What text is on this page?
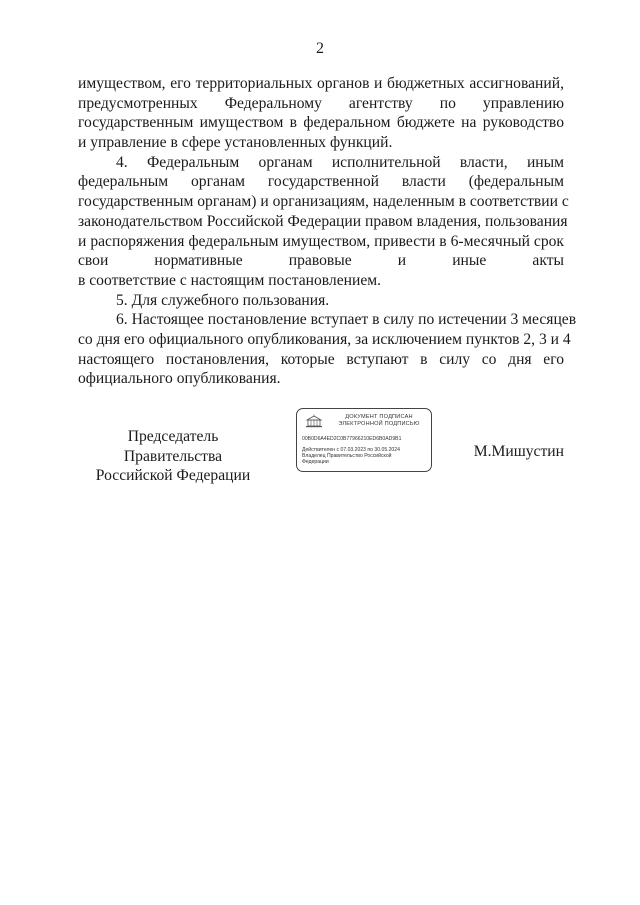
2
имуществом, его территориальных органов и бюджетных ассигнований,
предусмотренных Федеральному агентству по управлению
государственным имуществом в федеральном бюджете на руководство
и управление в сфере установленных функций.
4. Федеральным органам исполнительной власти, иным
федеральным органам государственной власти (федеральным
государственным органам) и организациям, наделенным в соответствии с
законодательством Российской Федерации правом владения, пользования
и распоряжения федеральным имуществом, привести в 6-месячный срок
свои нормативные правовые и иные акты
в соответствие с настоящим постановлением.
5. Для служебного пользования.
6. Настоящее постановление вступает в силу по истечении 3 месяцев
со дня его официального опубликования, за исключением пунктов 2, 3 и 4
настоящего постановления, которые вступают в силу со дня его
официального опубликования.
Председатель Правительства
Российской Федерации
ДОКУМЕНТ ПОДПИСАН
ЭЛЕКТРОННОЙ ПОДПИСЬЮ
00B0D6A4ED2C0B77966210ED6B0AD9B1
Действителен с 07.03.2023 по 30.05.2024
Владелец Правительство Российской
Федерации
М.Мишустин
